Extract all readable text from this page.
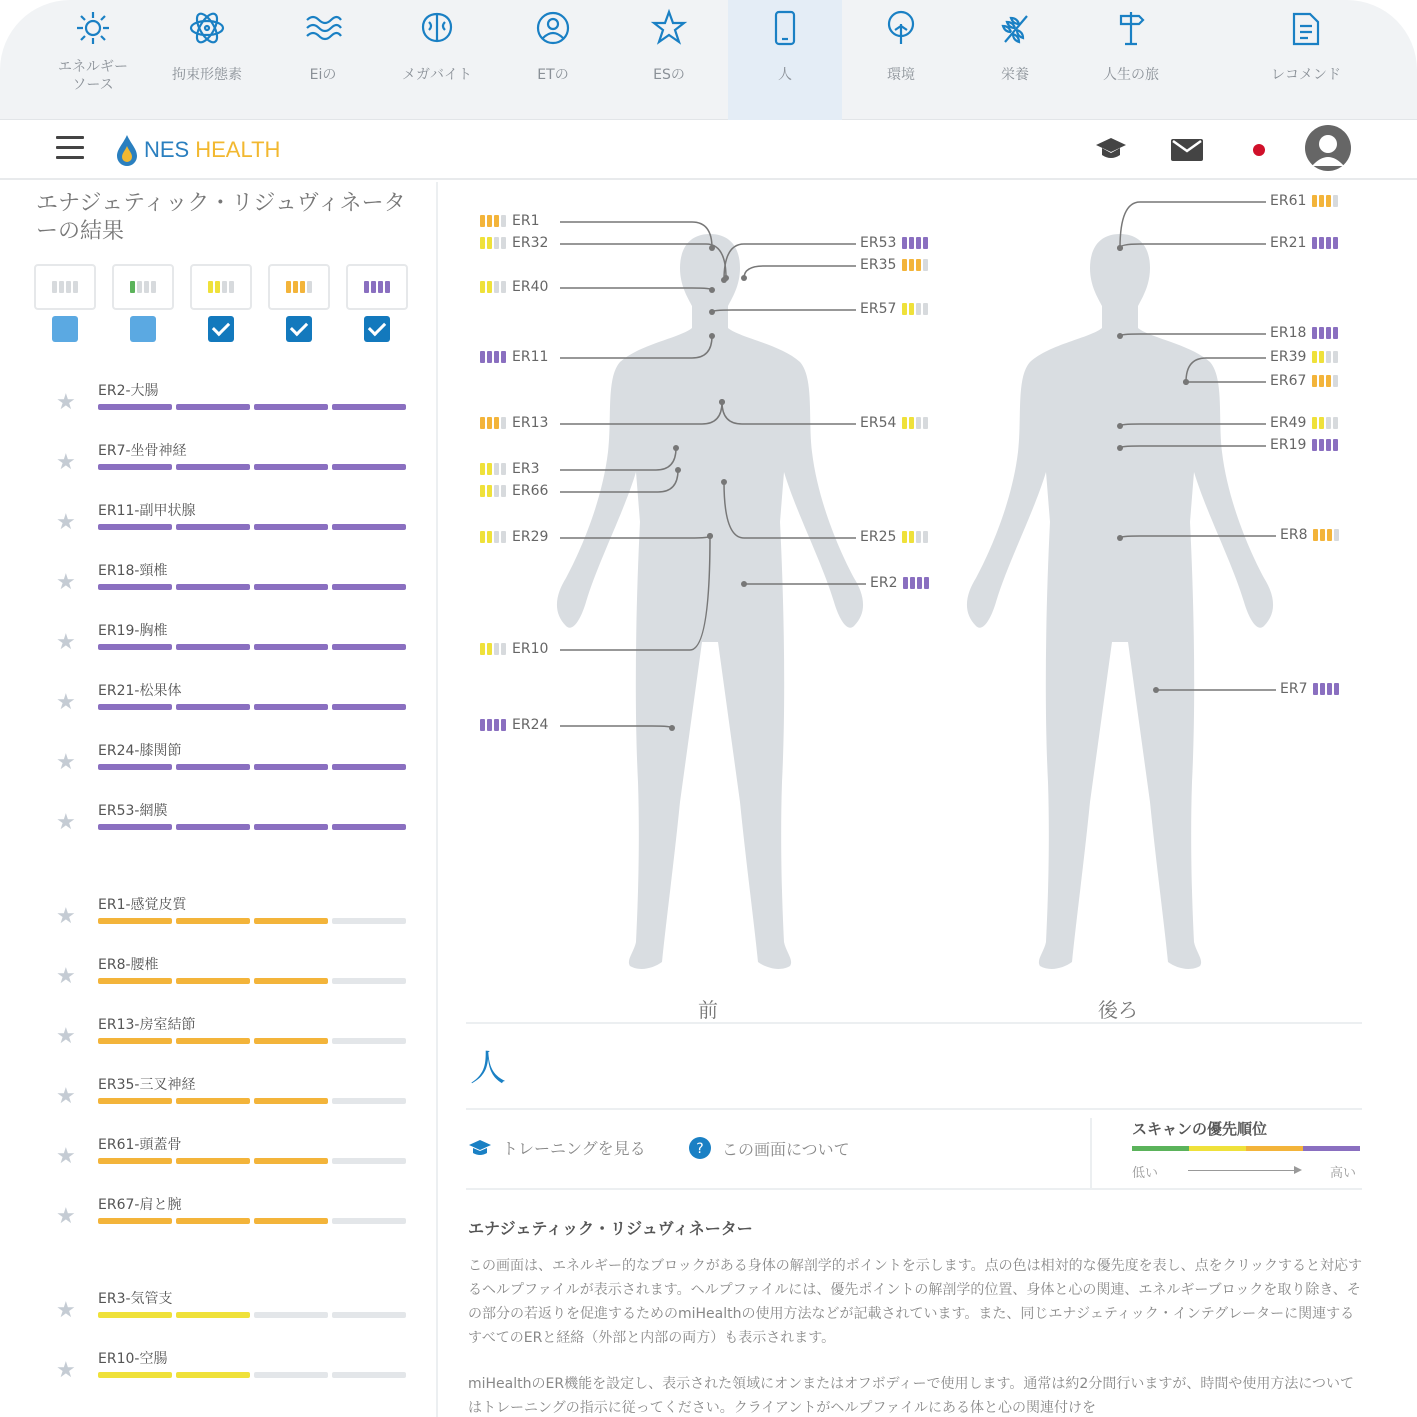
エネルギー
ソース
拘束形態素	Eiの	メガバイト	ETの	ESの	人	環境	栄養	人生の旅	レコメンド
NES HEALTH
エナジェティック・リジュヴィネーターの結果
★ ER2-大腸
★ ER7-坐骨神経
★ ER11-副甲状腺
★ ER18-頸椎
★ ER19-胸椎
★ ER21-松果体
★ ER24-膝関節
★ ER53-網膜
★ ER1-感覚皮質
★ ER8-腰椎
★ ER13-房室結節
★ ER35-三叉神経
★ ER61-頭蓋骨
★ ER67-肩と腕
★ ER3-気管支
★ ER10-空腸
ER1
ER32
ER40
ER11
ER13
ER3
ER66
ER29
ER10
ER24
ER53
ER35
ER57
ER54
ER25
ER2
ER61
ER21
ER18
ER39
ER67
ER49
ER19
ER8
ER7
前	後ろ
人
トレーニングを見る	? この画面について
スキャンの優先順位
低い	高い
エナジェティック・リジュヴィネーター
この画面は、エネルギー的なブロックがある身体の解剖学的ポイントを示します。点の色は相対的な優先度を表し、点をクリックすると対応するヘルプファイルが表示されます。ヘルプファイルには、優先ポイントの解剖学的位置、身体と心の関連、エネルギーブロックを取り除き、その部分の若返りを促進するためのmiHealthの使用方法などが記載されています。また、同じエナジェティック・インテグレーターに関連するすべてのERと経絡（外部と内部の両方）も表示されます。
miHealthのER機能を設定し、表示された領域にオンまたはオフボディーで使用します。通常は約2分間行いますが、時間や使用方法についてはトレーニングの指示に従ってください。クライアントがヘルプファイルにある体と心の関連付けを
